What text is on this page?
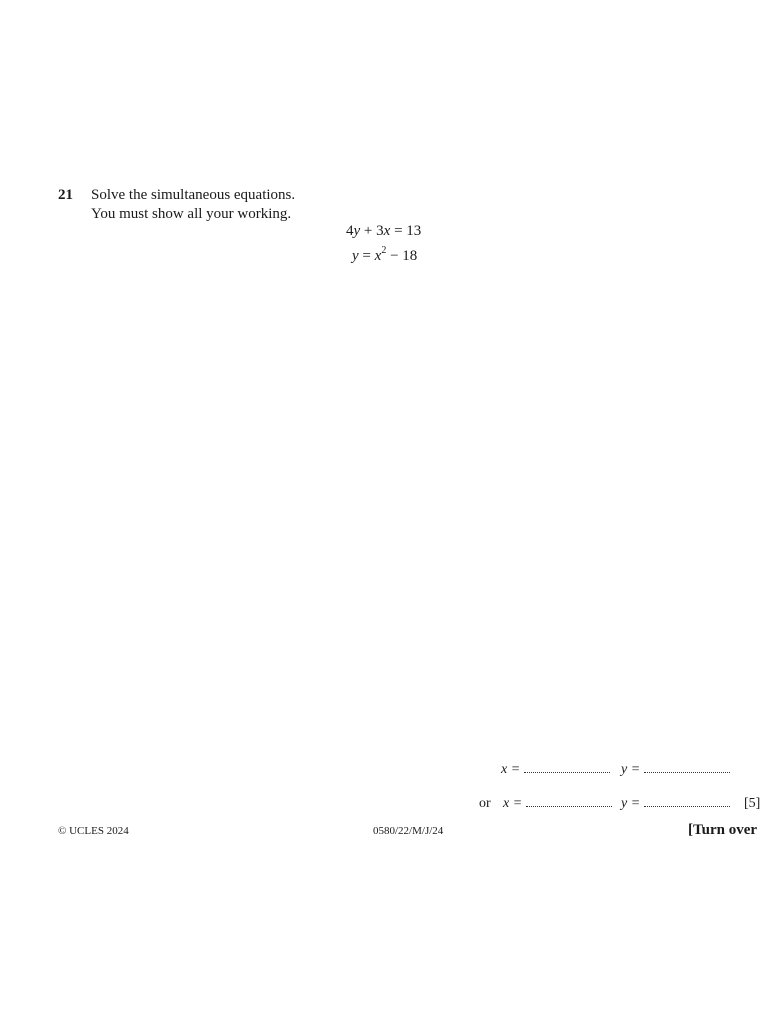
21 Solve the simultaneous equations.
You must show all your working.
4y + 3x = 13
$y = x^2 - 18$
x =	y =
or x =	y =	[5]
© UCLES 2024	0580/22/M/J/24	[Turn over
